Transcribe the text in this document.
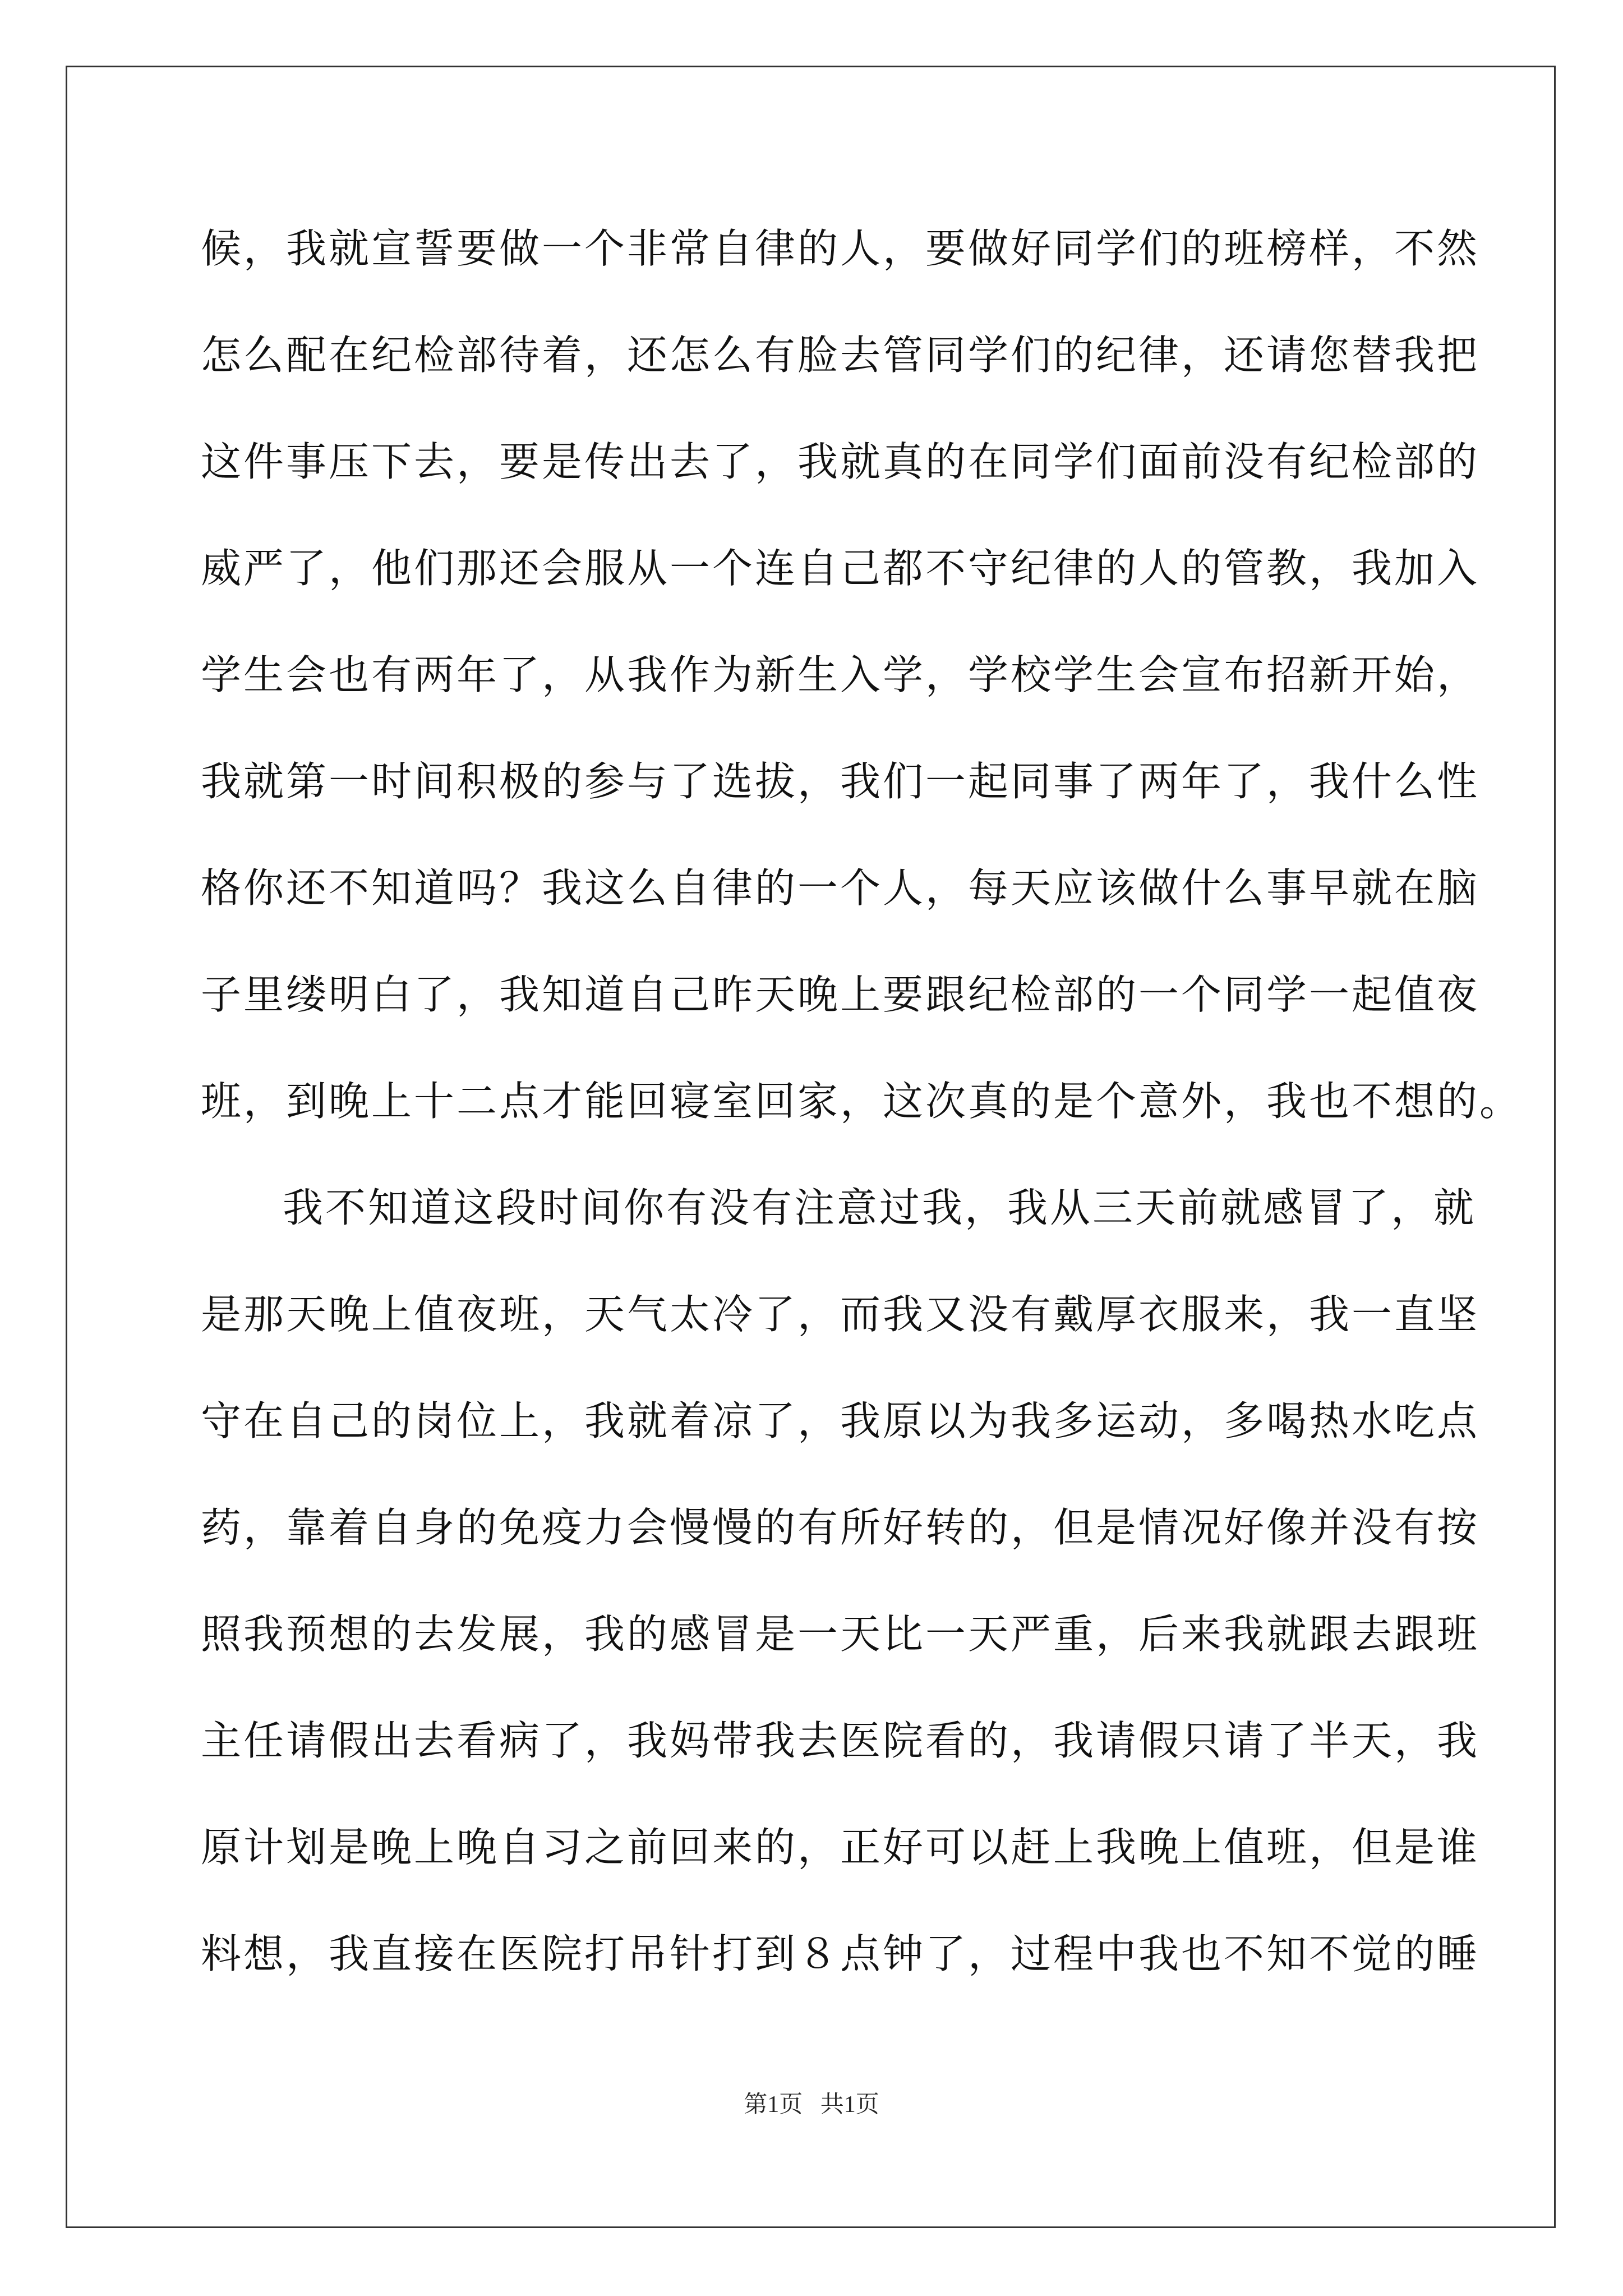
候，我就宣誓要做一个非常自律的人，要做好同学们的班榜样，不然
怎么配在纪检部待着，还怎么有脸去管同学们的纪律，还请您替我把
这件事压下去，要是传出去了，我就真的在同学们面前没有纪检部的
威严了，他们那还会服从一个连自己都不守纪律的人的管教，我加入
学生会也有两年了，从我作为新生入学，学校学生会宣布招新开始，
我就第一时间积极的参与了选拔，我们一起同事了两年了，我什么性
格你还不知道吗？我这么自律的一个人，每天应该做什么事早就在脑
子里缕明白了，我知道自己昨天晚上要跟纪检部的一个同学一起值夜
班，到晚上十二点才能回寝室回家，这次真的是个意外，我也不想的。
我不知道这段时间你有没有注意过我，我从三天前就感冒了，就
是那天晚上值夜班，天气太冷了，而我又没有戴厚衣服来，我一直坚
守在自己的岗位上，我就着凉了，我原以为我多运动，多喝热水吃点
药，靠着自身的免疫力会慢慢的有所好转的，但是情况好像并没有按
照我预想的去发展，我的感冒是一天比一天严重，后来我就跟去跟班
主任请假出去看病了，我妈带我去医院看的，我请假只请了半天，我
原计划是晚上晚自习之前回来的，正好可以赶上我晚上值班，但是谁
料想，我直接在医院打吊针打到８点钟了，过程中我也不知不觉的睡
第1页   共1页
